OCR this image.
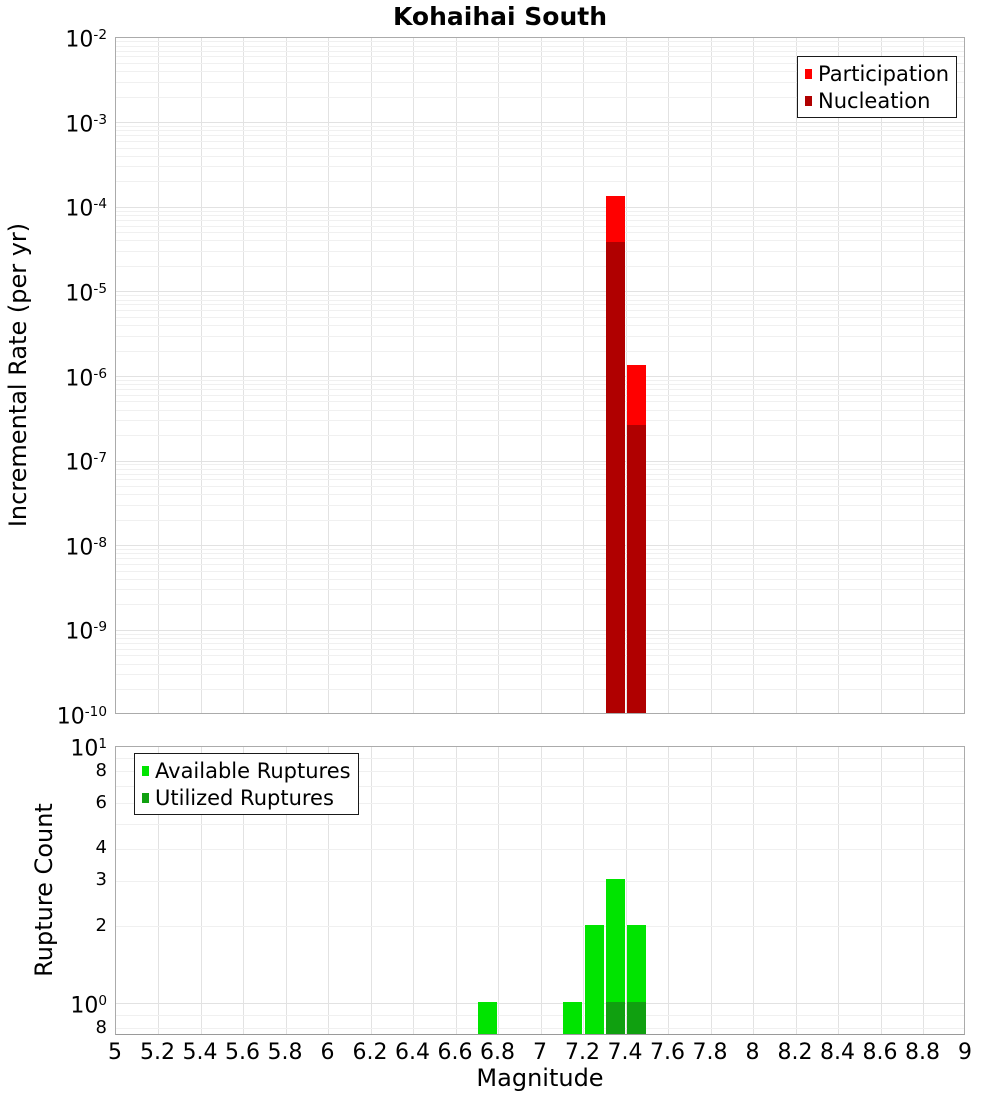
Kohaihai South
Incremental Rate (per yr)
Rupture Count
$10^{-2}$
$10^{-3}$
$10^{-4}$
$10^{-5}$
$10^{-6}$
$10^{-7}$
$10^{-8}$
$10^{-9}$
$10^{-10}$
$10^1$
8
6
4
3
2
$10^0$
8
5 5.2 5.4 5.6 5.8 6 6.2 6.4 6.6 6.8 7 7.2 7.4 7.6 7.8 8 8.2 8.4 8.6 8.8 9
Magnitude
Participation
Nucleation
Available Ruptures
Utilized Ruptures
